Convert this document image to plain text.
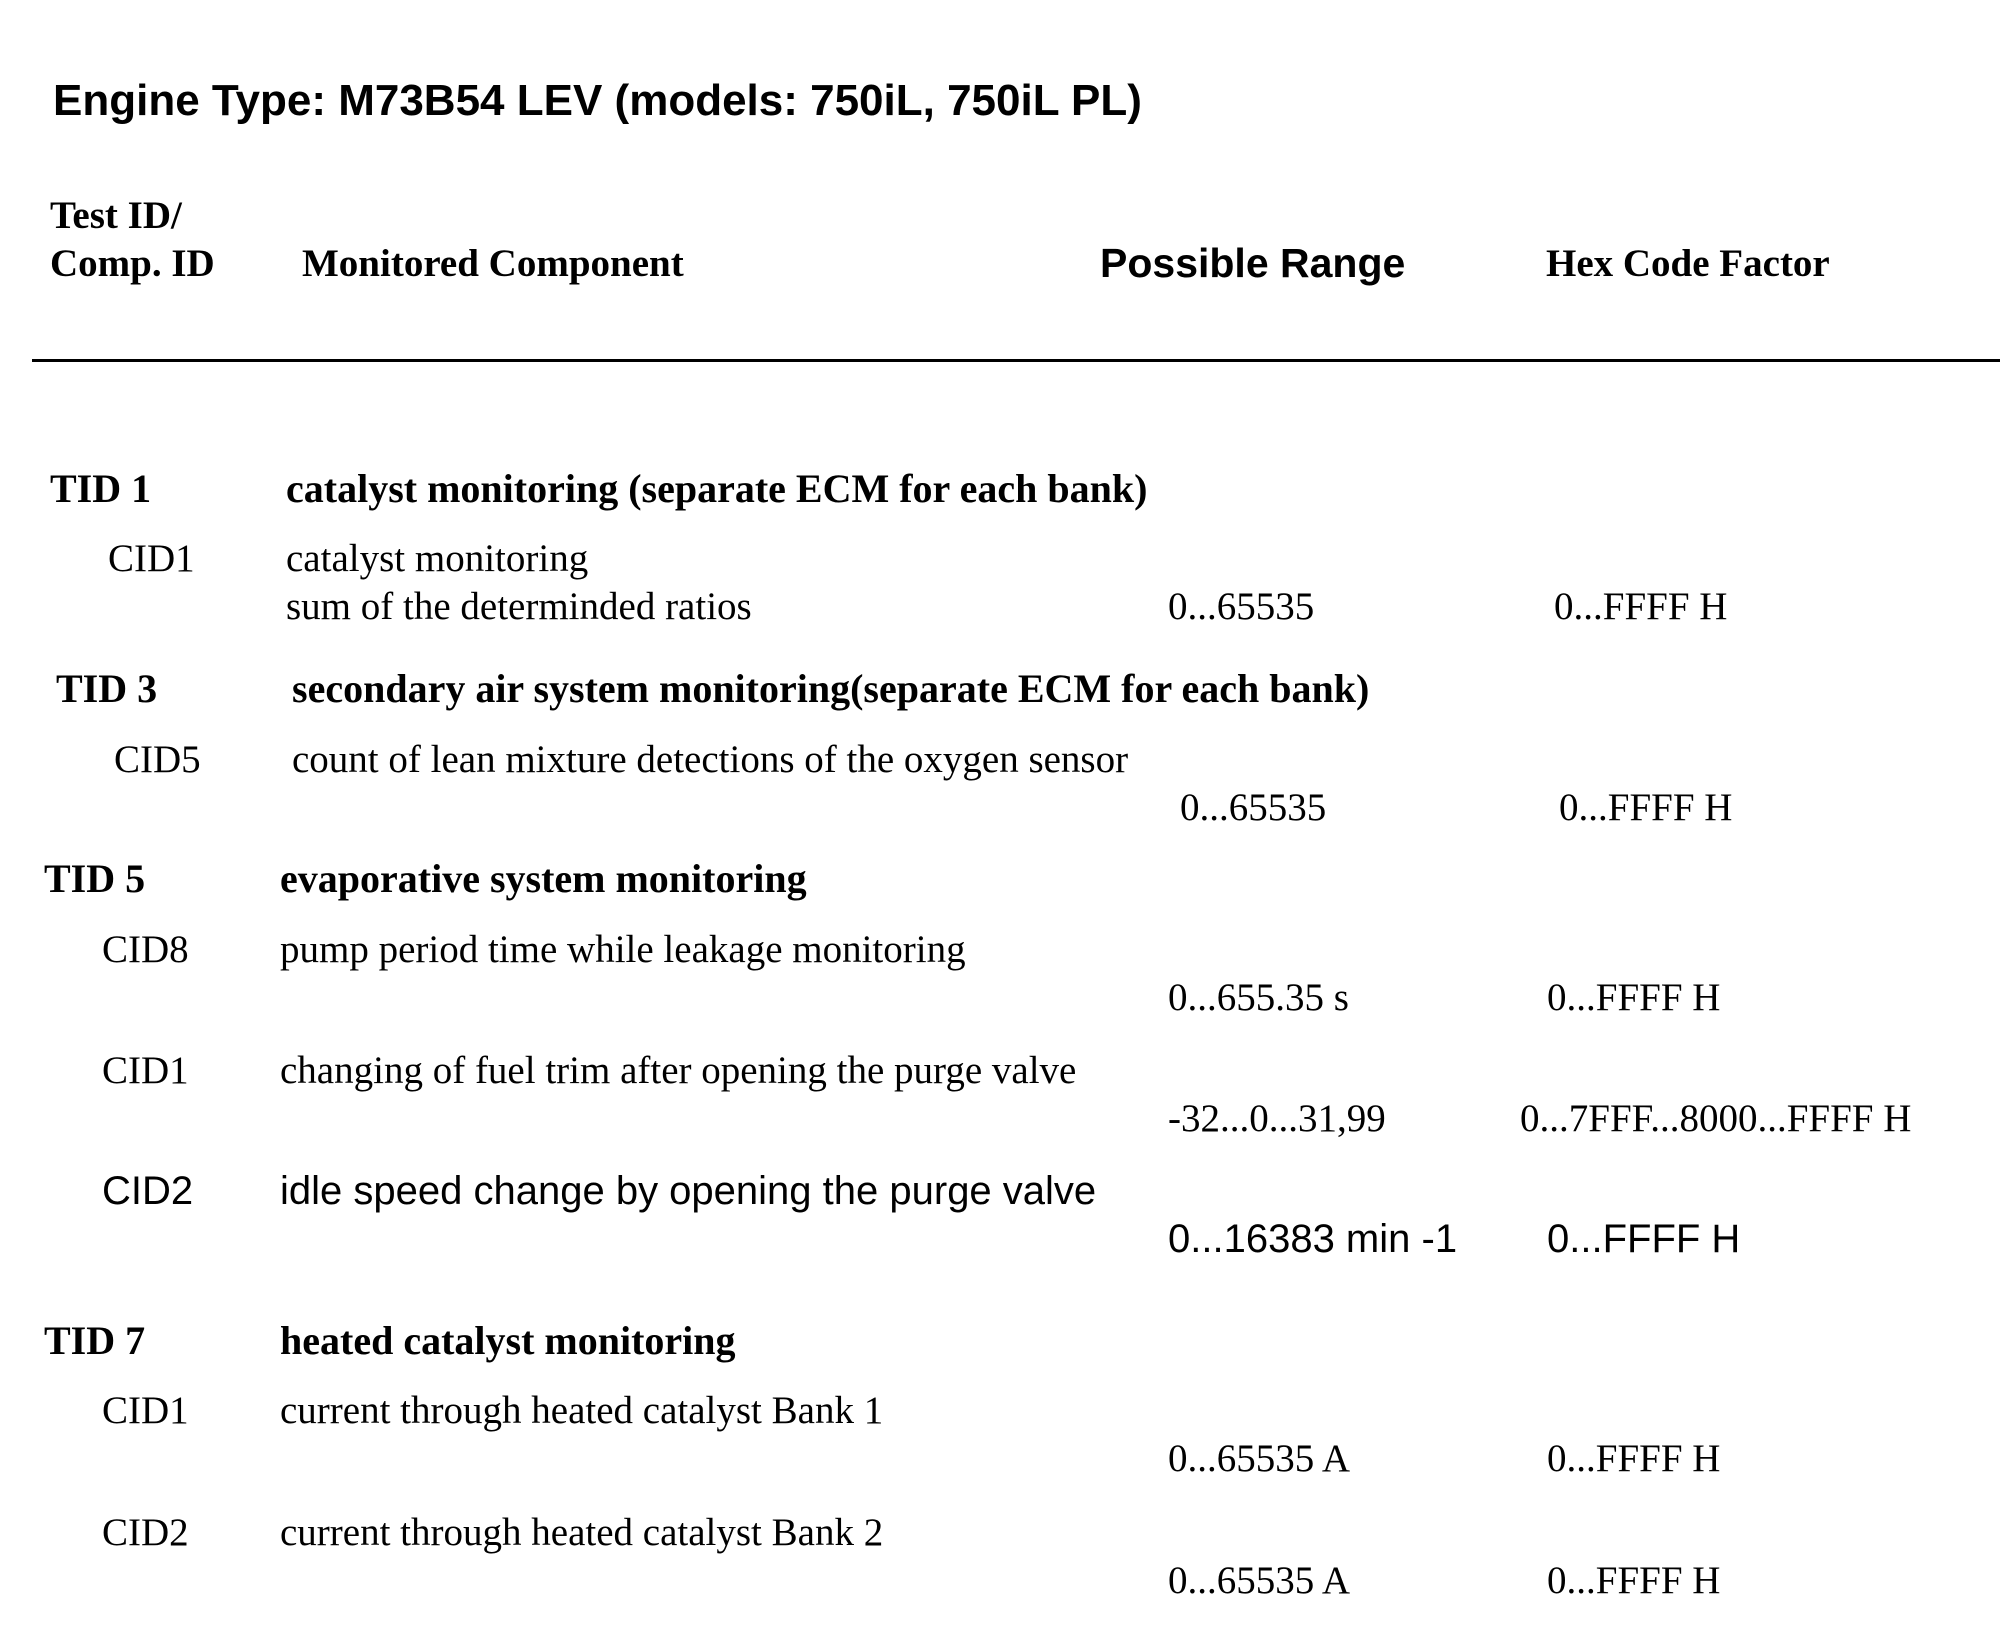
Engine Type: M73B54 LEV (models: 750iL, 750iL PL)
Test ID/
Comp. ID Monitored Component	Possible Range	Hex Code Factor
TID 1	catalyst monitoring (separate ECM for each bank)
CID1 catalyst monitoring
sum of the determinded ratios	0...65535	0...FFFF H
TID 3	secondary air system monitoring(separate ECM for each bank)
CID5 count of lean mixture detections of the oxygen sensor
0...65535	0...FFFF H
TID 5	evaporative system monitoring
CID8 pump period time while leakage monitoring
0...655.35 s	0...FFFF H
CID1 changing of fuel trim after opening the purge valve
-32...0...31,99	0...7FFF...8000...FFFF H
CID2 idle speed change by opening the purge valve
0...16383 min -1 0...FFFF H
TID 7	heated catalyst monitoring
CID1 current through heated catalyst Bank 1
0...65535 A	0...FFFF H
CID2 current through heated catalyst Bank 2
0...65535 A	0...FFFF H
